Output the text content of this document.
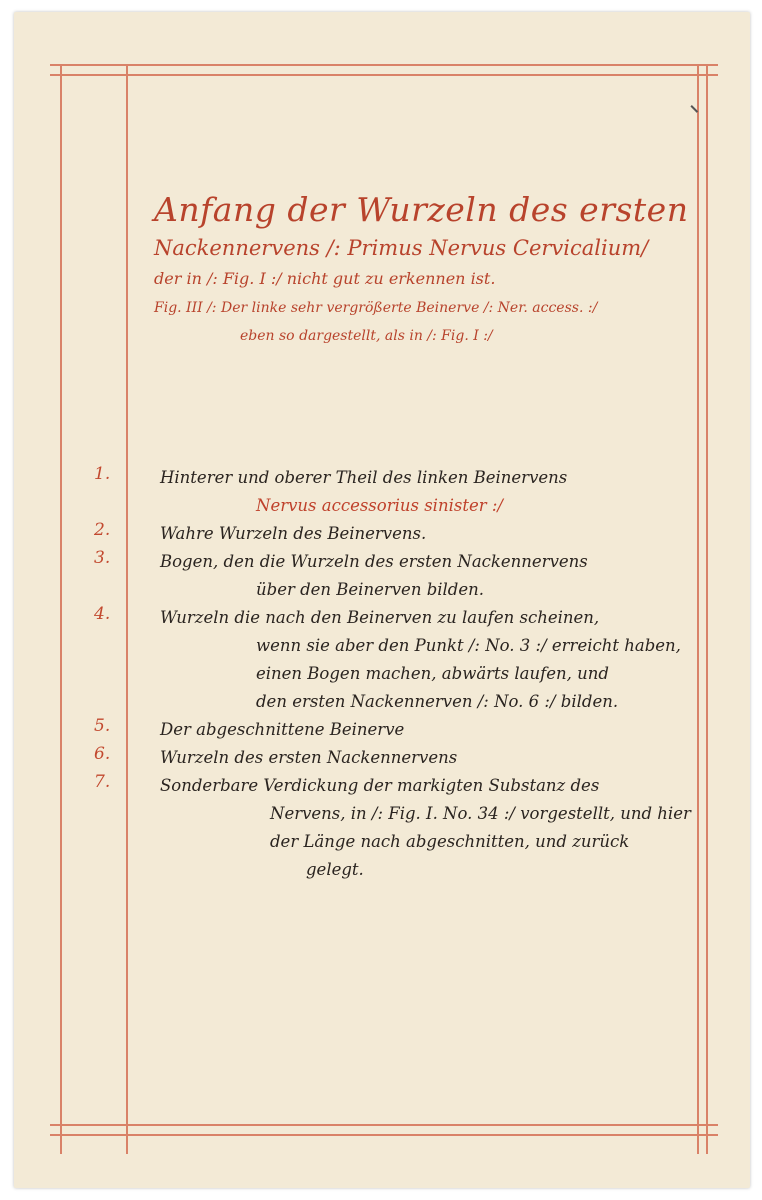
Anfang der Wurzeln des ersten
Nackennervens /: Primus Nervus Cervicalium/
der in /: Fig. I :/ nicht gut zu erkennen ist.
Fig. III /: Der linke sehr vergrößerte Beinerve /: Ner. access. :/
eben so dargestellt, als in /: Fig. I :/
1.	Hinterer und oberer Theil des linken Beinervens
Nervus accessorius sinister :/
2.	Wahre Wurzeln des Beinervens.
3.	Bogen, den die Wurzeln des ersten Nackennervens
über den Beinerven bilden.
4.	Wurzeln die nach den Beinerven zu laufen scheinen,
wenn sie aber den Punkt /: No. 3 :/ erreicht haben,
einen Bogen machen, abwärts laufen, und
den ersten Nackennerven /: No. 6 :/ bilden.
5.	Der abgeschnittene Beinerve
6.	Wurzeln des ersten Nackennervens
7.	Sonderbare Verdickung der markigten Substanz des
Nervens, in /: Fig. I. No. 34 :/ vorgestellt, und hier
der Länge nach abgeschnitten, und zurück
gelegt.
